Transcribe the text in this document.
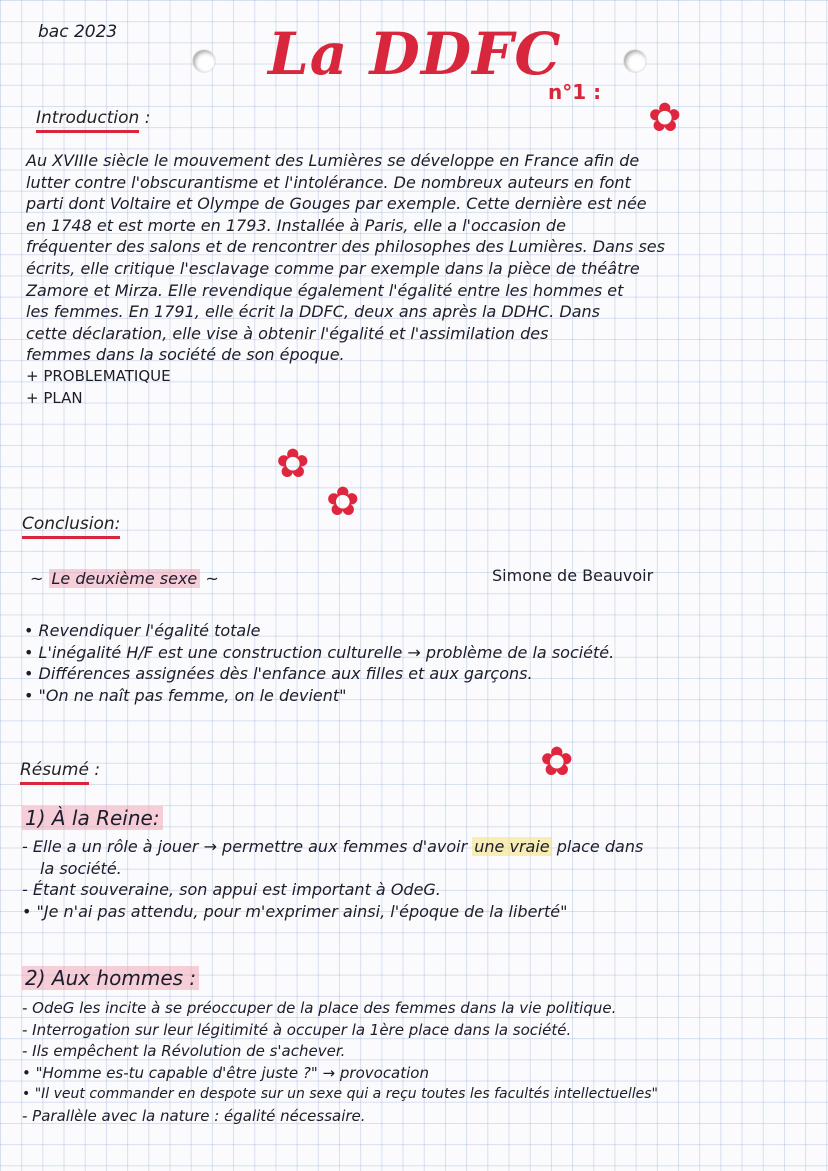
bac 2023	La DDFC
n°1 :
✿
✿
✿
✿
Introduction :

Au XVIIIe siècle le mouvement des Lumières se développe en France afin de

lutter contre l'obscurantisme et l'intolérance. De nombreux auteurs en font

parti dont Voltaire et Olympe de Gouges par exemple. Cette dernière est née

en 1748 et est morte en 1793. Installée à Paris, elle a l'occasion de

fréquenter des salons et de rencontrer des philosophes des Lumières. Dans ses

écrits, elle critique l'esclavage comme par exemple dans la pièce de théâtre

Zamore et Mirza. Elle revendique également l'égalité entre les hommes et

les femmes. En 1791, elle écrit la DDFC, deux ans après la DDHC. Dans

cette déclaration, elle vise à obtenir l'égalité et l'assimilation des

femmes dans la société de son époque.

+ PROBLEMATIQUE

+ PLAN

Conclusion:
~ Le deuxième sexe ~	Simone de Beauvoir

• Revendiquer l'égalité totale

• L'inégalité H/F est une construction culturelle → problème de la société.

• Différences assignées dès l'enfance aux filles et aux garçons.

• "On ne naît pas femme, on le devient"

Résumé :
1) À la Reine:

- Elle a un rôle à jouer → permettre aux femmes d'avoir une vraie place dans

la société.

- Étant souveraine, son appui est important à OdeG.

• "Je n'ai pas attendu, pour m'exprimer ainsi, l'époque de la liberté"

2) Aux hommes :

- OdeG les incite à se préoccuper de la place des femmes dans la vie politique.

- Interrogation sur leur légitimité à occuper la 1ère place dans la société.

- Ils empêchent la Révolution de s'achever.

• "Homme es-tu capable d'être juste ?" → provocation

• "Il veut commander en despote sur un sexe qui a reçu toutes les facultés intellectuelles"

- Parallèle avec la nature : égalité nécessaire.
